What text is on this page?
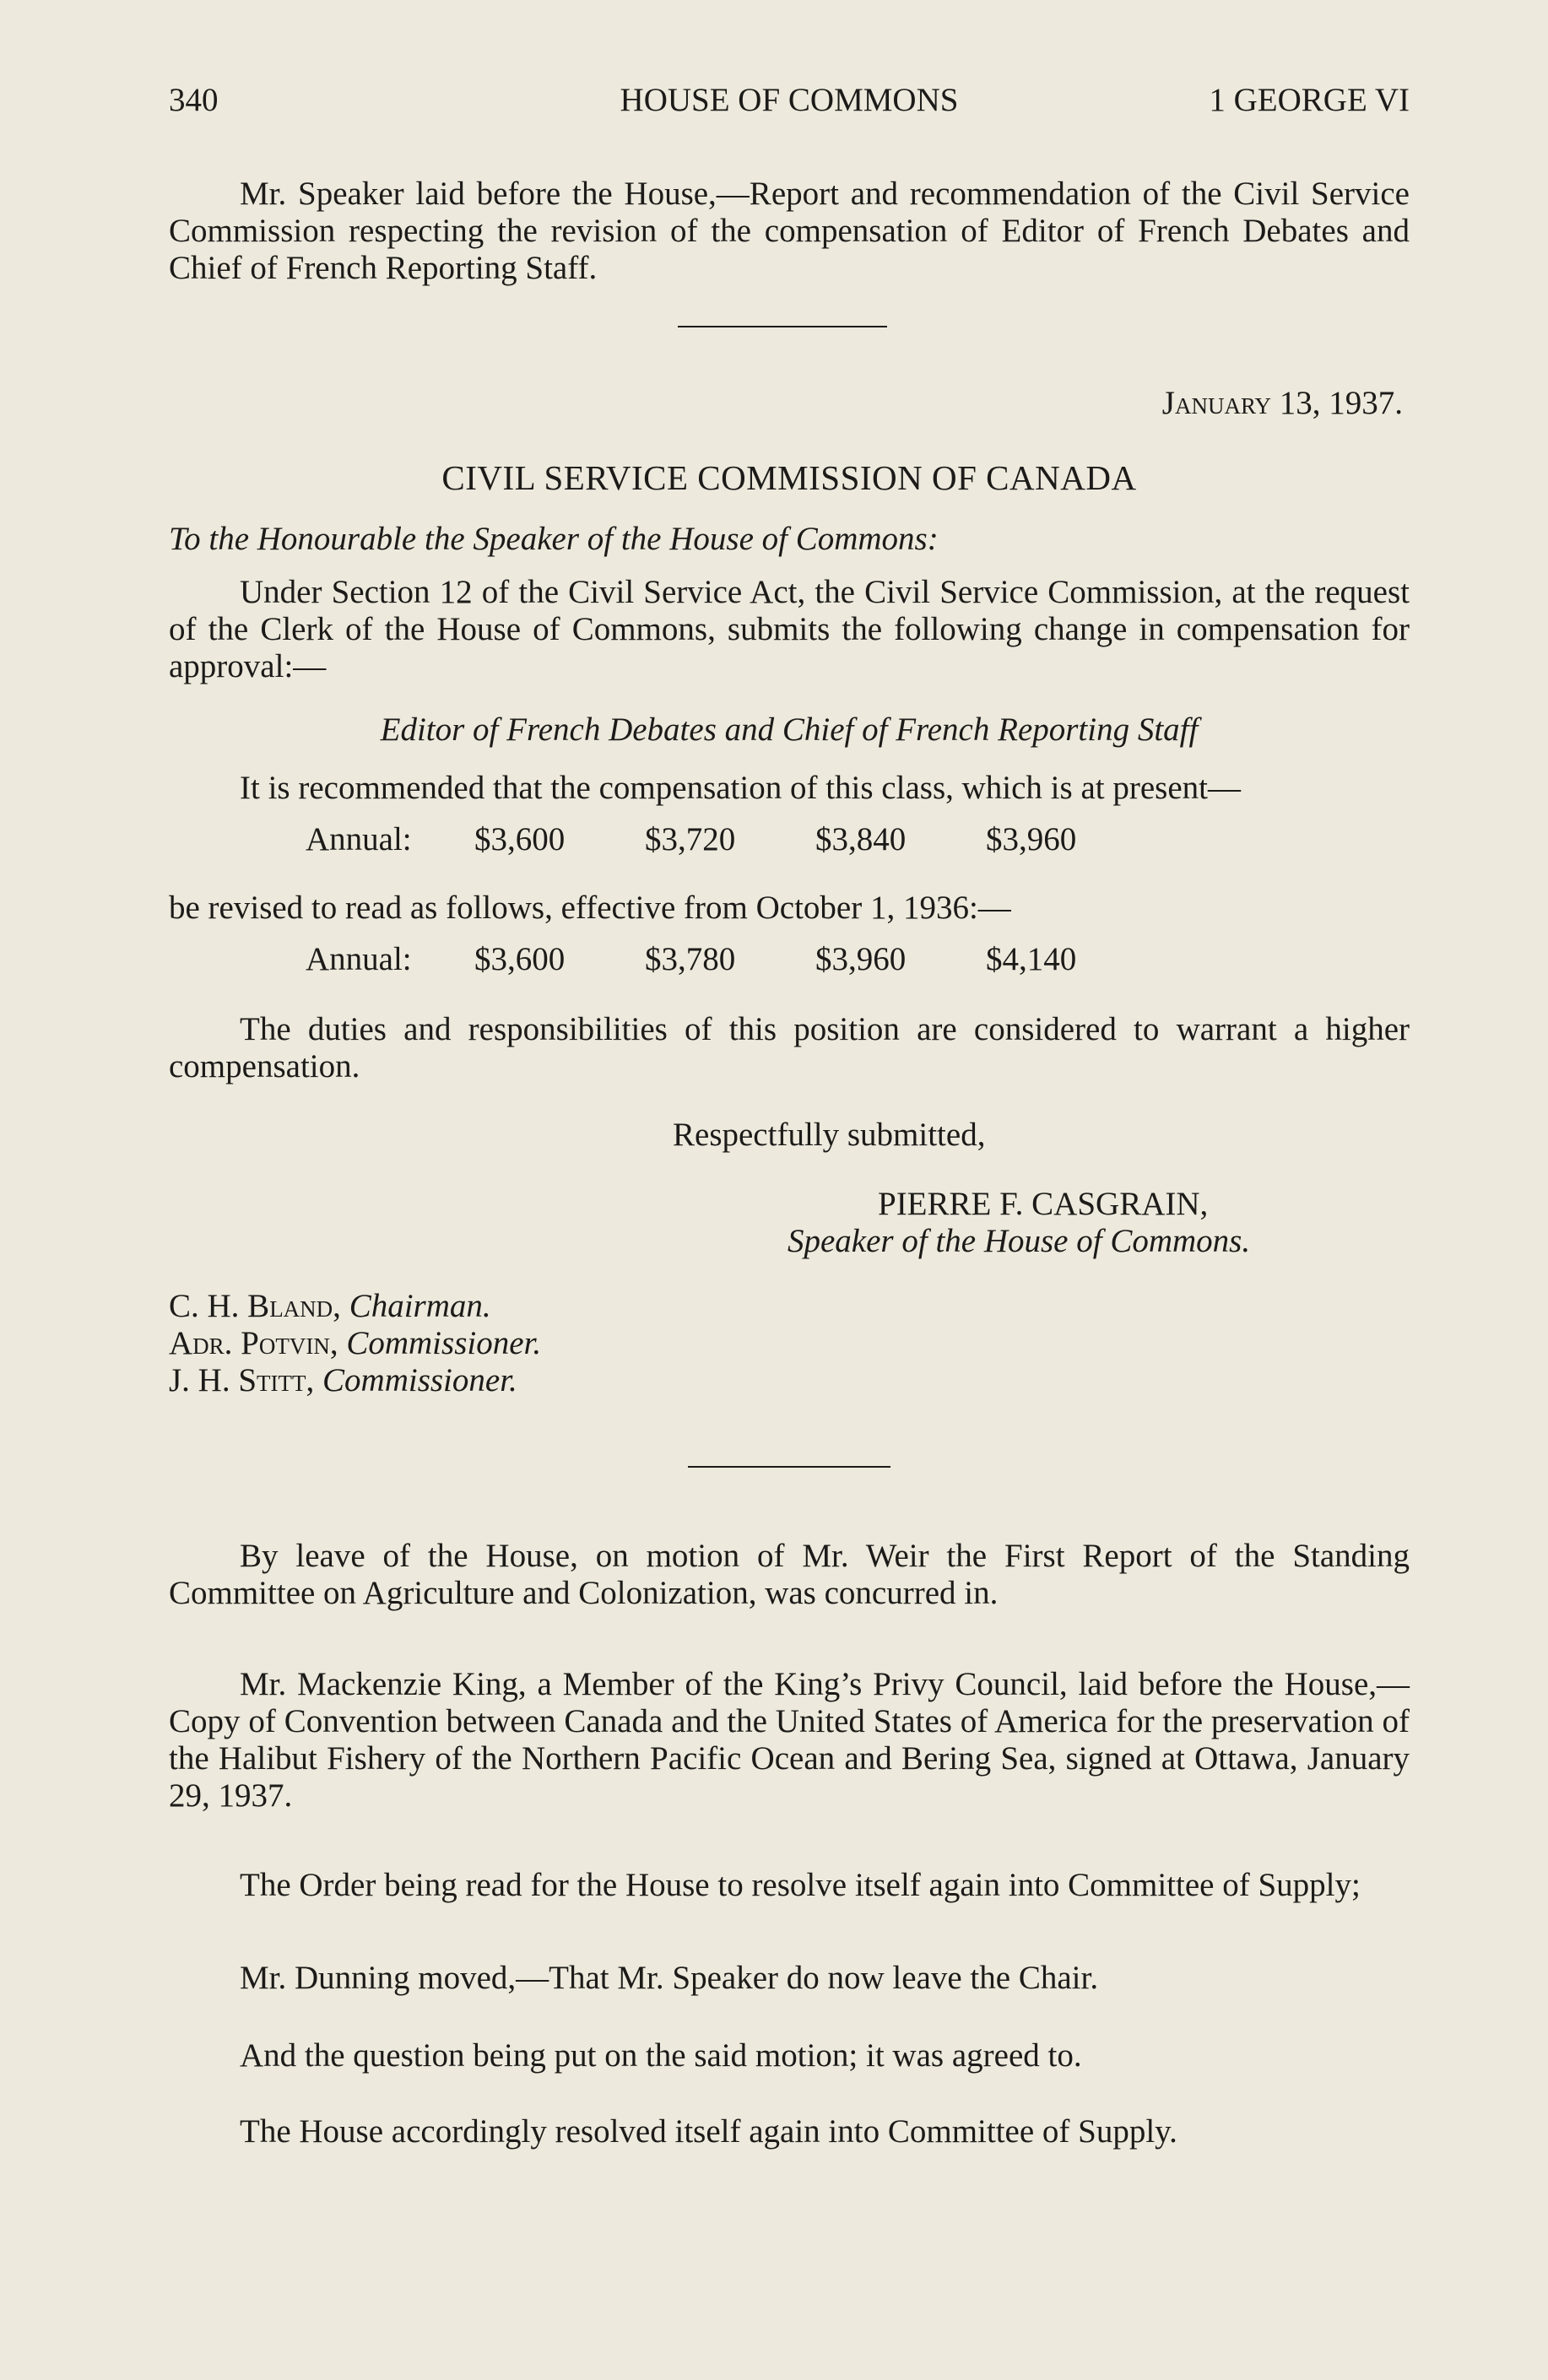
340	HOUSE OF COMMONS	1 GEORGE VI

Mr. Speaker laid before the House,—Report and recommendation of the Civil Service Commission respecting the revision of the compensation of Editor of French Debates and Chief of French Reporting Staff.

January 13, 1937.
CIVIL SERVICE COMMISSION OF CANADA
To the Honourable the Speaker of the House of Commons:

Under Section 12 of the Civil Service Act, the Civil Service Commission, at the request of the Clerk of the House of Commons, submits the following change in compensation for approval:—

Editor of French Debates and Chief of French Reporting Staff

It is recommended that the compensation of this class, which is at present—

Annual: $3,600 $3,720 $3,840 $3,960

be revised to read as follows, effective from October 1, 1936:—

Annual: $3,600 $3,780 $3,960 $4,140

The duties and responsibilities of this position are considered to warrant a higher compensation.

Respectfully submitted,
PIERRE F. CASGRAIN,
Speaker of the House of Commons.
C. H. Bland, Chairman.
Adr. Potvin, Commissioner.
J. H. Stitt, Commissioner.

By leave of the House, on motion of Mr. Weir the First Report of the Standing Committee on Agriculture and Colonization, was concurred in.

Mr. Mackenzie King, a Member of the King’s Privy Council, laid before the House,—Copy of Convention between Canada and the United States of America for the preservation of the Halibut Fishery of the Northern Pacific Ocean and Bering Sea, signed at Ottawa, January 29, 1937.

The Order being read for the House to resolve itself again into Committee of Supply;

Mr. Dunning moved,—That Mr. Speaker do now leave the Chair.

And the question being put on the said motion; it was agreed to.

The House accordingly resolved itself again into Committee of Supply.
